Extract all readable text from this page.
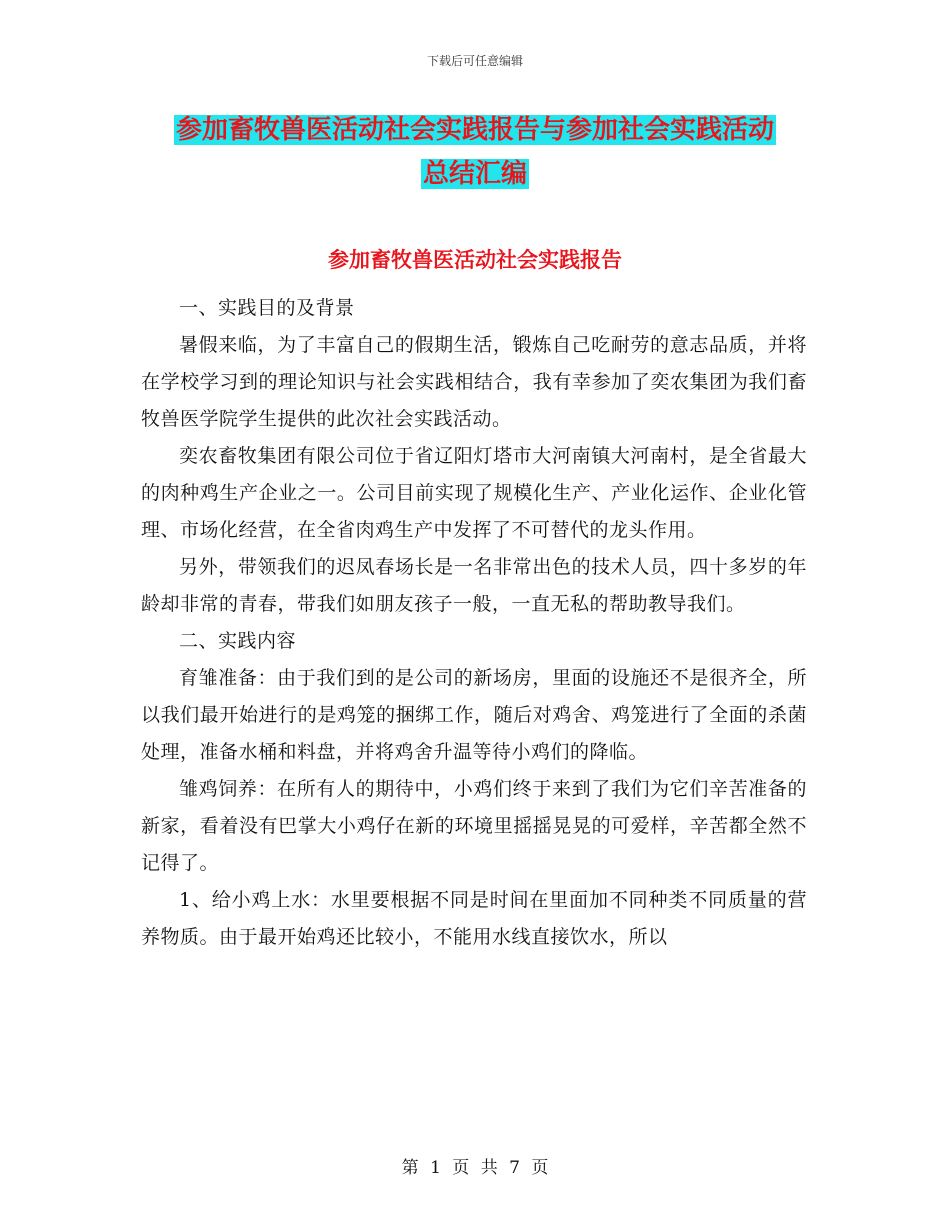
下载后可任意编辑
参加畜牧兽医活动社会实践报告与参加社会实践活动
总结汇编
参加畜牧兽医活动社会实践报告

一、实践目的及背景

暑假来临，为了丰富自己的假期生活，锻炼自己吃耐劳的意志品质，并将在学校学习到的理论知识与社会实践相结合，我有幸参加了奕农集团为我们畜牧兽医学院学生提供的此次社会实践活动。

奕农畜牧集团有限公司位于省辽阳灯塔市大河南镇大河南村，是全省最大的肉种鸡生产企业之一。公司目前实现了规模化生产、产业化运作、企业化管理、市场化经营，在全省肉鸡生产中发挥了不可替代的龙头作用。

另外，带领我们的迟凤春场长是一名非常出色的技术人员，四十多岁的年龄却非常的青春，带我们如朋友孩子一般，一直无私的帮助教导我们。

二、实践内容

育雏准备：由于我们到的是公司的新场房，里面的设施还不是很齐全，所以我们最开始进行的是鸡笼的捆绑工作，随后对鸡舍、鸡笼进行了全面的杀菌处理，准备水桶和料盘，并将鸡舍升温等待小鸡们的降临。

雏鸡饲养：在所有人的期待中，小鸡们终于来到了我们为它们辛苦准备的新家，看着没有巴掌大小鸡仔在新的环境里摇摇晃晃的可爱样，辛苦都全然不记得了。

1、给小鸡上水：水里要根据不同是时间在里面加不同种类不同质量的营养物质。由于最开始鸡还比较小，不能用水线直接饮水，所以

第 1 页 共 7 页
